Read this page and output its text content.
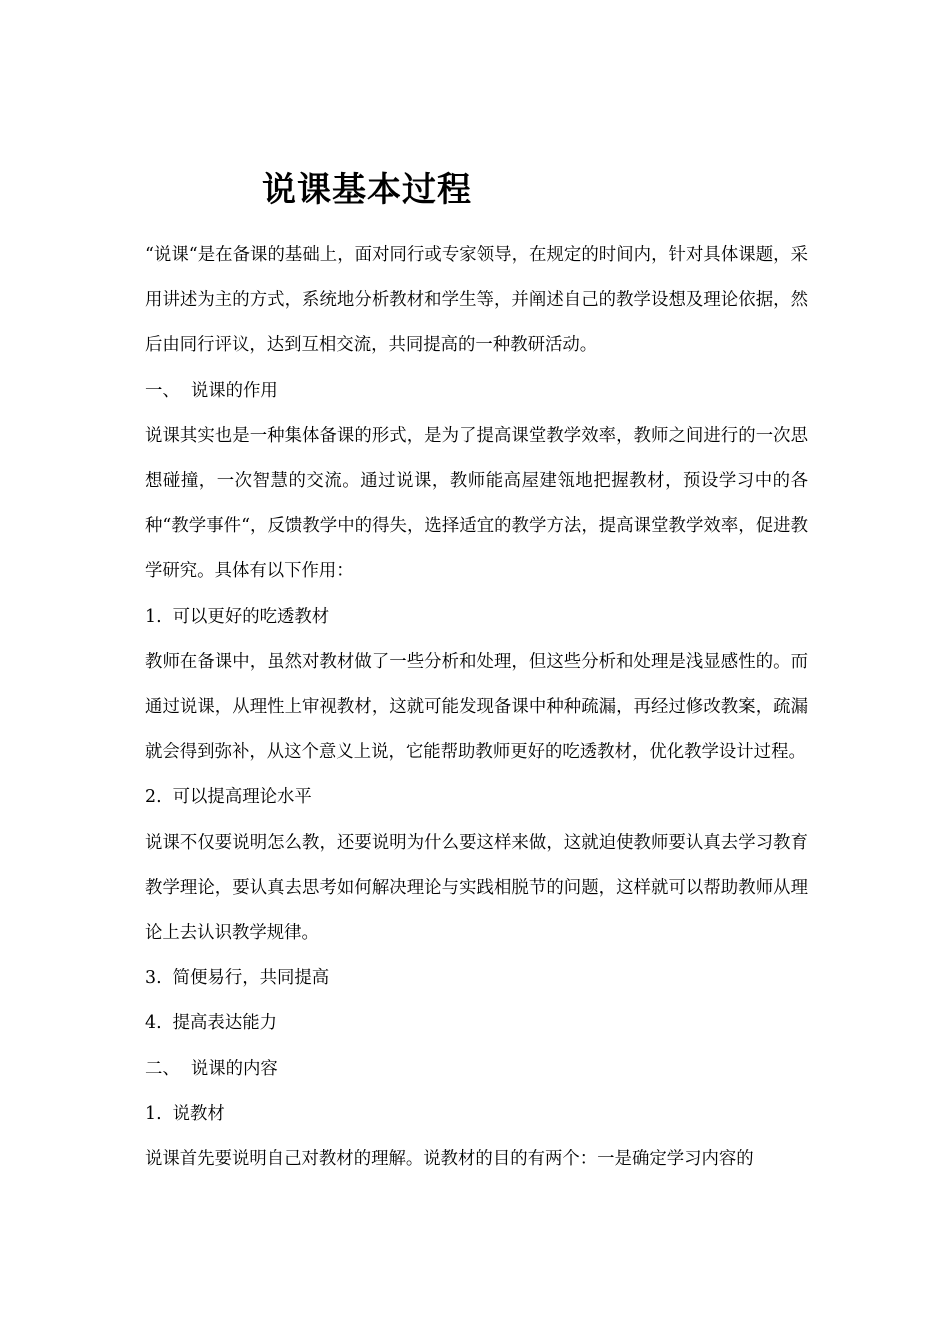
说课基本过程

“说课“是在备课的基础上，面对同行或专家领导，在规定的时间内，针对具体课题，采用讲述为主的方式，系统地分析教材和学生等，并阐述自己的教学设想及理论依据，然后由同行评议，达到互相交流，共同提高的一种教研活动。

一、  说课的作用

说课其实也是一种集体备课的形式，是为了提高课堂教学效率，教师之间进行的一次思想碰撞，一次智慧的交流。通过说课，教师能高屋建瓴地把握教材，预设学习中的各种“教学事件“，反馈教学中的得失，选择适宜的教学方法，提高课堂教学效率，促进教学研究。具体有以下作用：

1.  可以更好的吃透教材

教师在备课中，虽然对教材做了一些分析和处理，但这些分析和处理是浅显感性的。而通过说课，从理性上审视教材，这就可能发现备课中种种疏漏，再经过修改教案，疏漏就会得到弥补，从这个意义上说，它能帮助教师更好的吃透教材，优化教学设计过程。

2.  可以提高理论水平

说课不仅要说明怎么教，还要说明为什么要这样来做，这就迫使教师要认真去学习教育教学理论，要认真去思考如何解决理论与实践相脱节的问题，这样就可以帮助教师从理论上去认识教学规律。

3.  简便易行，共同提高

4.  提高表达能力

二、  说课的内容

1.  说教材

说课首先要说明自己对教材的理解。说教材的目的有两个：一是确定学习内容的
